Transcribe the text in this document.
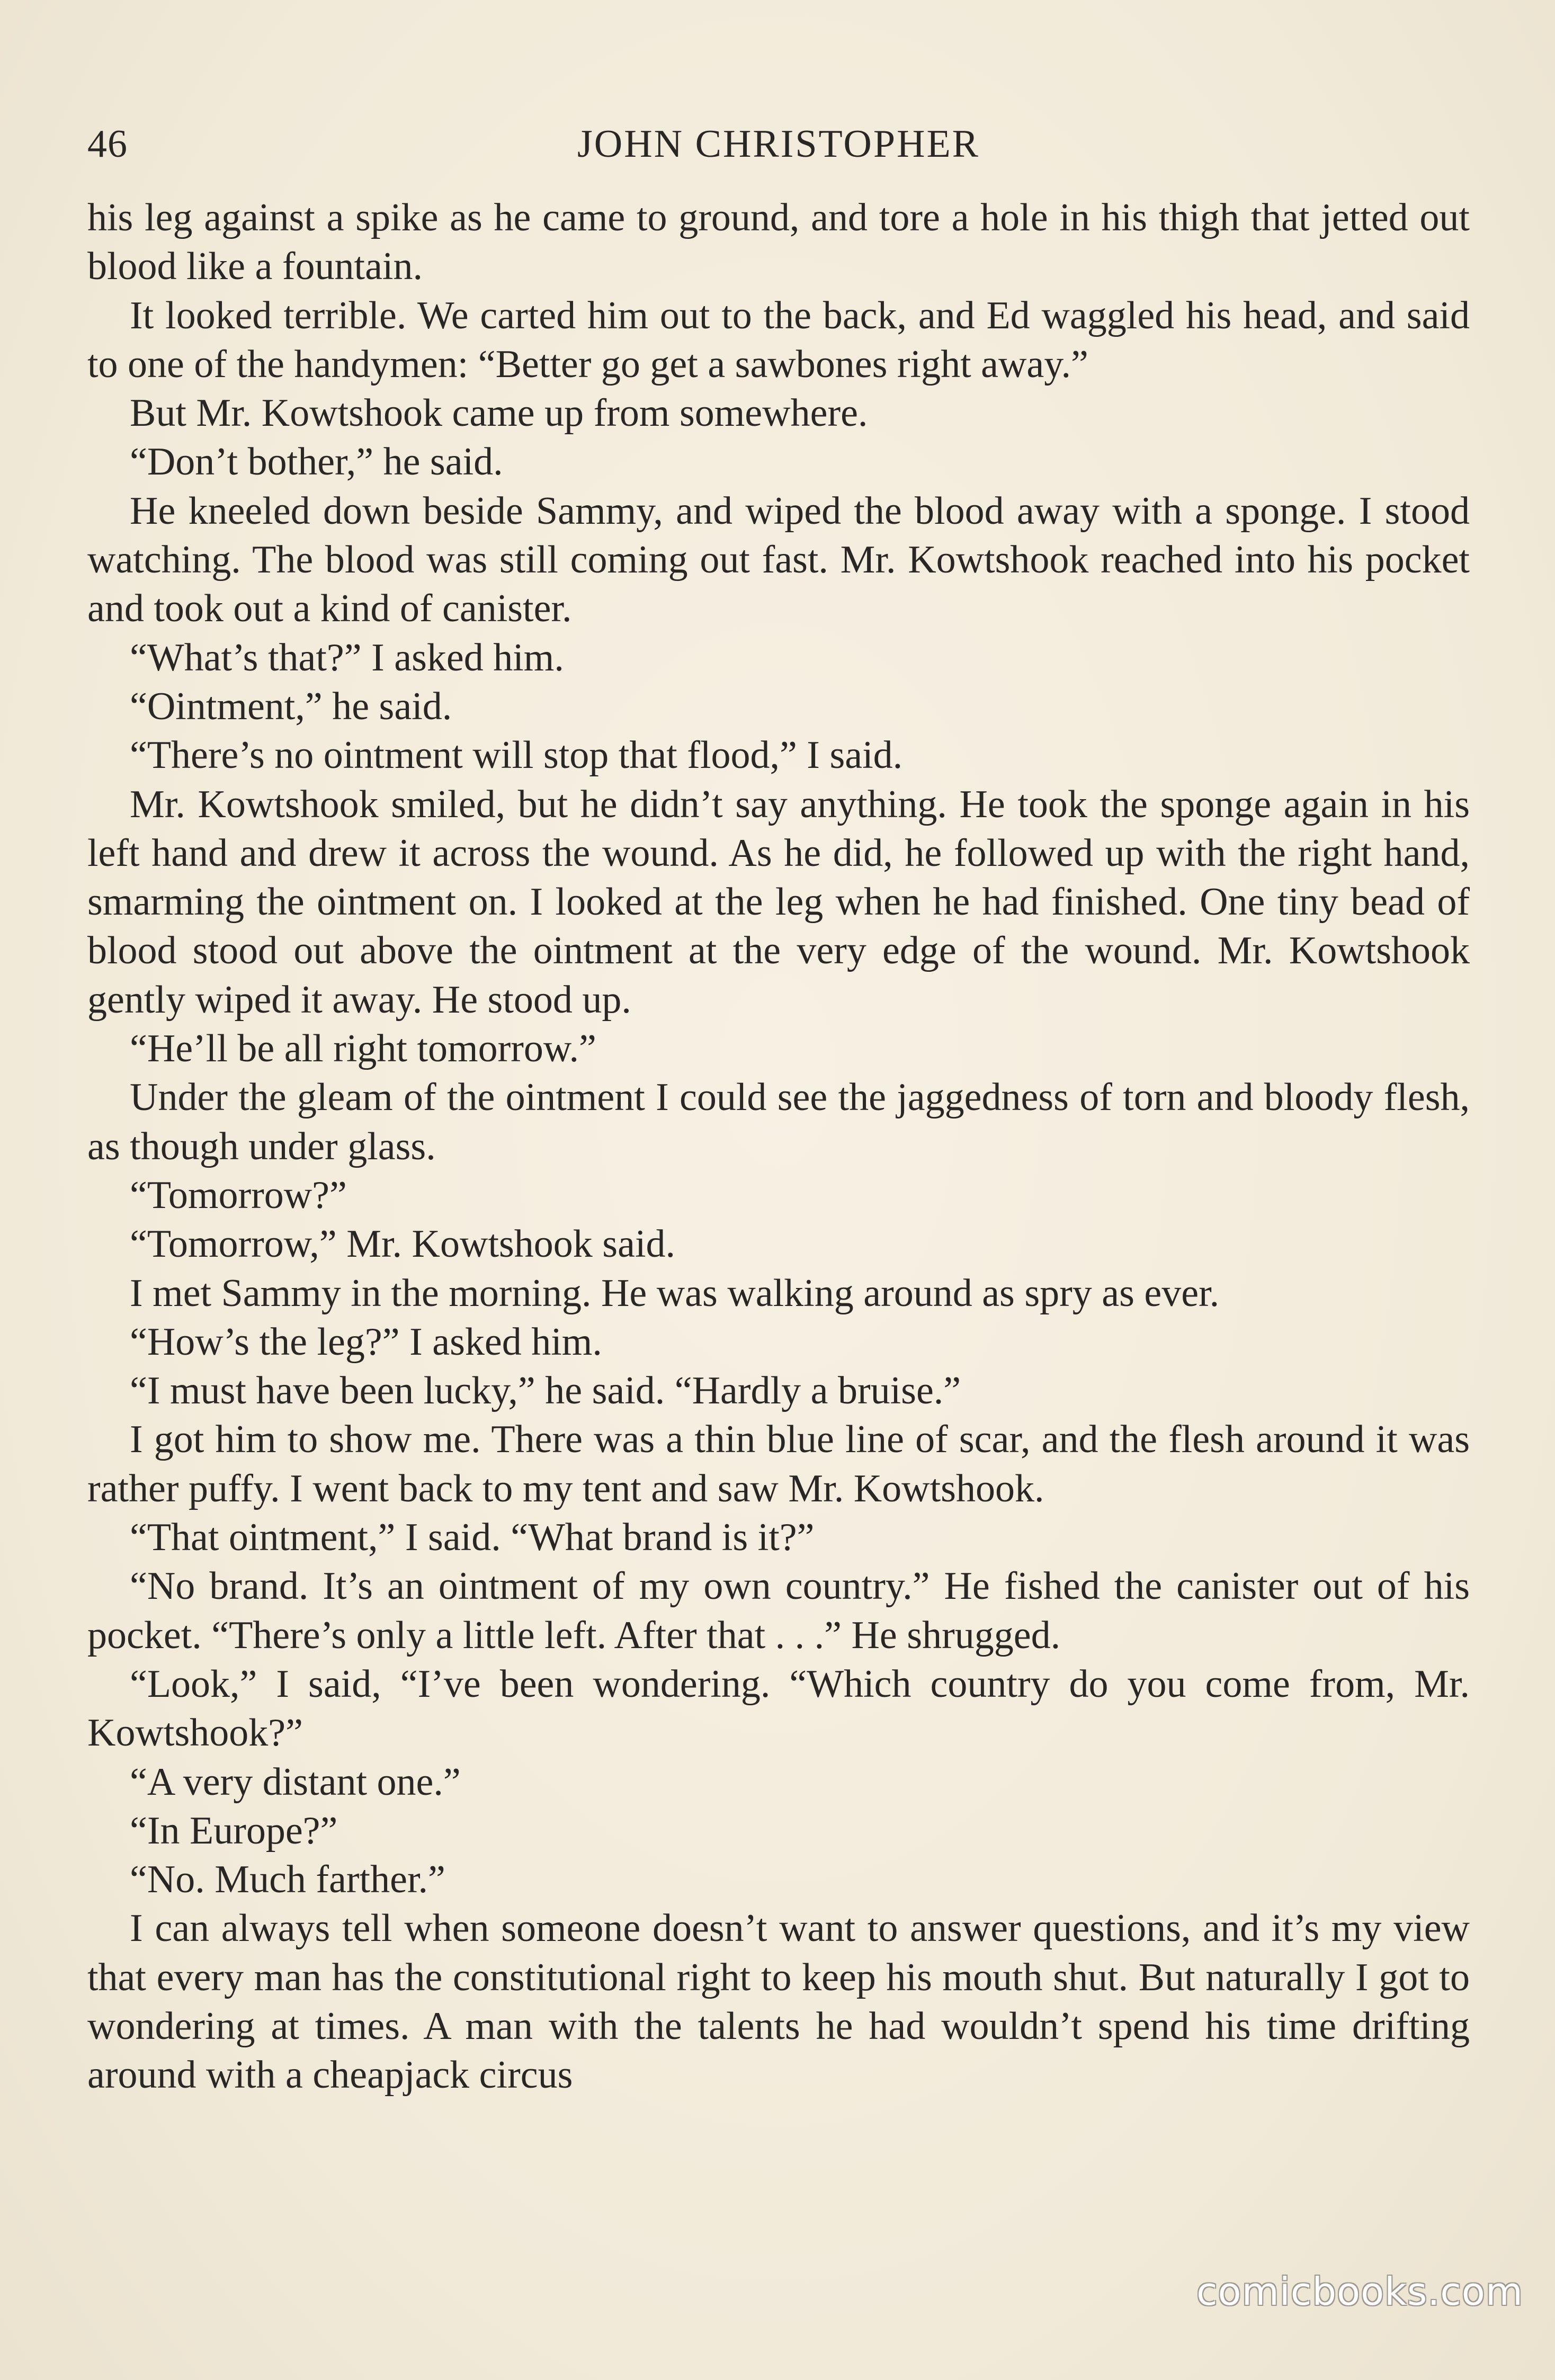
46	JOHN CHRISTOPHER

his leg against a spike as he came to ground, and tore a hole in his thigh that jetted out blood like a fountain.

It looked terrible. We carted him out to the back, and Ed waggled his head, and said to one of the handymen: “Better go get a sawbones right away.”

But Mr. Kowtshook came up from somewhere.

“Don’t bother,” he said.

He kneeled down beside Sammy, and wiped the blood away with a sponge. I stood watching. The blood was still coming out fast. Mr. Kowtshook reached into his pocket and took out a kind of canister.

“What’s that?” I asked him.

“Ointment,” he said.

“There’s no ointment will stop that flood,” I said.

Mr. Kowtshook smiled, but he didn’t say anything. He took the sponge again in his left hand and drew it across the wound. As he did, he followed up with the right hand, smarming the ointment on. I looked at the leg when he had finished. One tiny bead of blood stood out above the ointment at the very edge of the wound. Mr. Kowtshook gently wiped it away. He stood up.

“He’ll be all right tomorrow.”

Under the gleam of the ointment I could see the jaggedness of torn and bloody flesh, as though under glass.

“Tomorrow?”

“Tomorrow,” Mr. Kowtshook said.

I met Sammy in the morning. He was walking around as spry as ever.

“How’s the leg?” I asked him.

“I must have been lucky,” he said. “Hardly a bruise.”

I got him to show me. There was a thin blue line of scar, and the flesh around it was rather puffy. I went back to my tent and saw Mr. Kowtshook.

“That ointment,” I said. “What brand is it?”

“No brand. It’s an ointment of my own country.” He fished the canister out of his pocket. “There’s only a little left. After that . . .” He shrugged.

“Look,” I said, “I’ve been wondering. “Which country do you come from, Mr. Kowtshook?”

“A very distant one.”

“In Europe?”

“No. Much farther.”

I can always tell when someone doesn’t want to answer questions, and it’s my view that every man has the constitutional right to keep his mouth shut. But naturally I got to wondering at times. A man with the talents he had wouldn’t spend his time drifting around with a cheapjack circus

comicbooks.com
